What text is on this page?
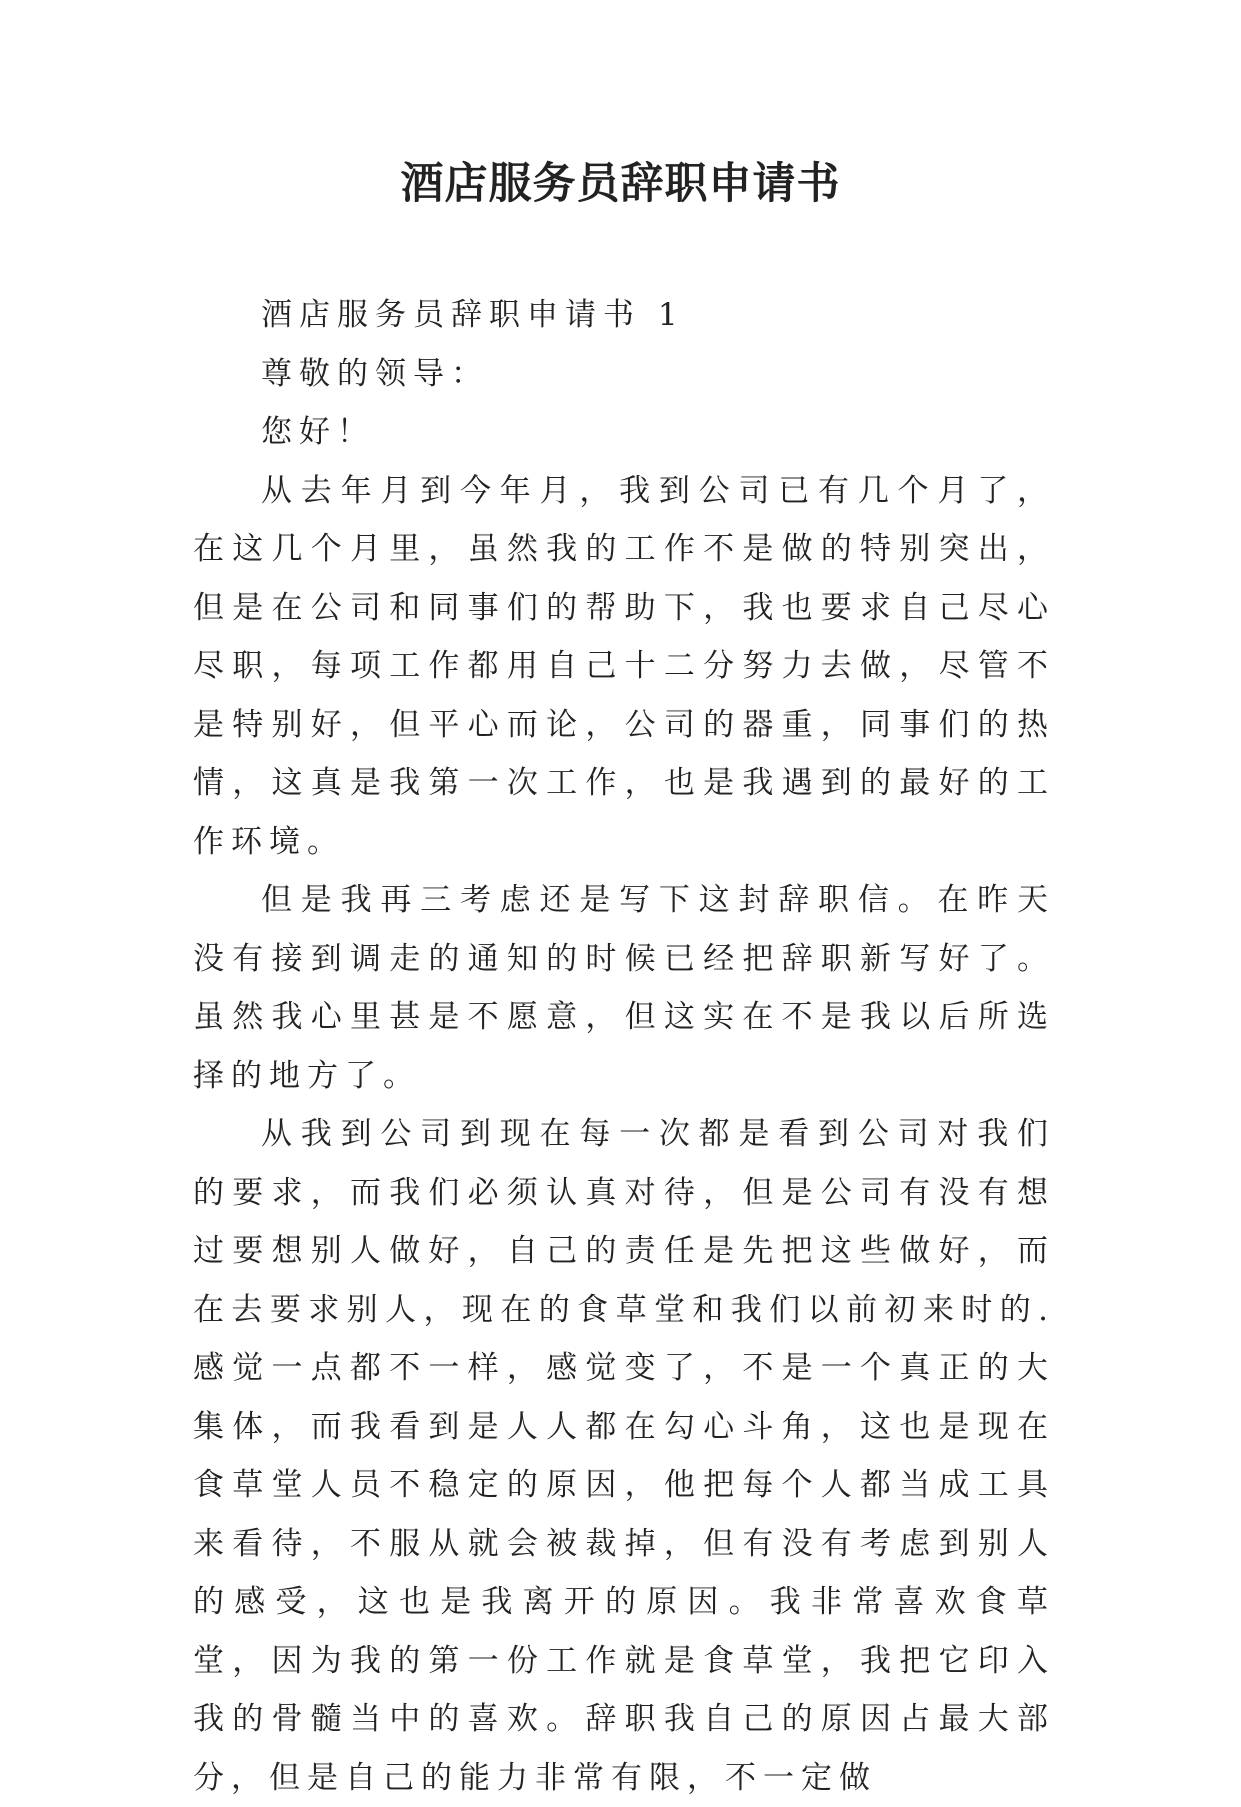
酒店服务员辞职申请书

酒店服务员辞职申请书 1

尊敬的领导：

您好！

从去年月到今年月，我到公司已有几个月了，在这几个月里，虽然我的工作不是做的特别突出，但是在公司和同事们的帮助下，我也要求自己尽心尽职，每项工作都用自己十二分努力去做，尽管不是特别好，但平心而论，公司的器重，同事们的热情，这真是我第一次工作，也是我遇到的最好的工作环境。

但是我再三考虑还是写下这封辞职信。在昨天没有接到调走的通知的时候已经把辞职新写好了。虽然我心里甚是不愿意，但这实在不是我以后所选择的地方了。

从我到公司到现在每一次都是看到公司对我们的要求，而我们必须认真对待，但是公司有没有想过要想别人做好，自己的责任是先把这些做好，而在去要求别人，现在的食草堂和我们以前初来时的.感觉一点都不一样，感觉变了，不是一个真正的大集体，而我看到是人人都在勾心斗角，这也是现在食草堂人员不稳定的原因，他把每个人都当成工具来看待，不服从就会被裁掉，但有没有考虑到别人的感受，这也是我离开的原因。我非常喜欢食草堂，因为我的第一份工作就是食草堂，我把它印入我的骨髓当中的喜欢。辞职我自己的原因占最大部分，但是自己的能力非常有限，不一定做
